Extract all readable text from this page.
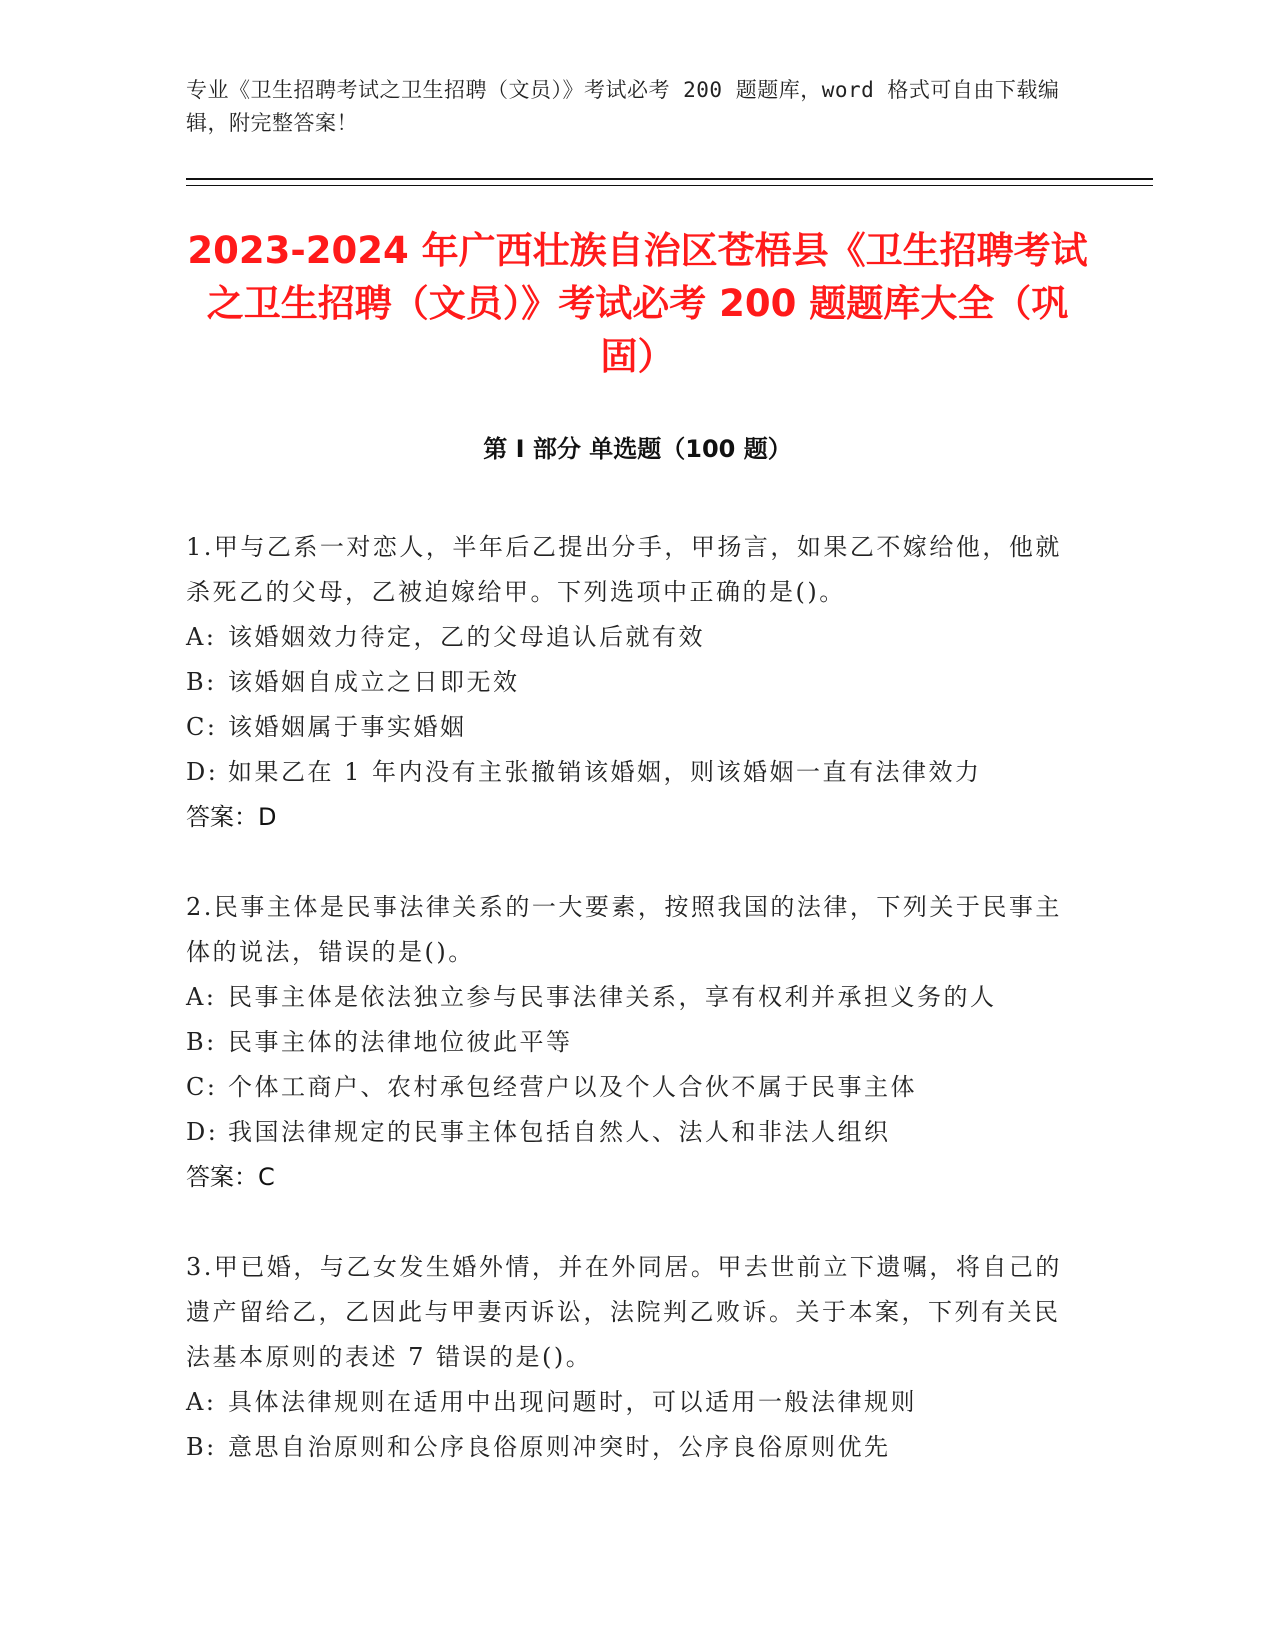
专业《卫生招聘考试之卫生招聘（文员）》考试必考 200 题题库，word 格式可自由下载编辑，附完整答案！
2023-2024 年广西壮族自治区苍梧县《卫生招聘考试之卫生招聘（文员）》考试必考 200 题题库大全（巩固）
第 I 部分 单选题（100 题）
1.甲与乙系一对恋人，半年后乙提出分手，甲扬言，如果乙不嫁给他，他就杀死乙的父母，乙被迫嫁给甲。下列选项中正确的是()。
A: 该婚姻效力待定，乙的父母追认后就有效
B: 该婚姻自成立之日即无效
C: 该婚姻属于事实婚姻
D: 如果乙在 1 年内没有主张撤销该婚姻，则该婚姻一直有法律效力
答案：D
2.民事主体是民事法律关系的一大要素，按照我国的法律，下列关于民事主体的说法，错误的是()。
A: 民事主体是依法独立参与民事法律关系，享有权利并承担义务的人
B: 民事主体的法律地位彼此平等
C: 个体工商户、农村承包经营户以及个人合伙不属于民事主体
D: 我国法律规定的民事主体包括自然人、法人和非法人组织
答案：C
3.甲已婚，与乙女发生婚外情，并在外同居。甲去世前立下遗嘱，将自己的遗产留给乙，乙因此与甲妻丙诉讼，法院判乙败诉。关于本案，下列有关民法基本原则的表述 7 错误的是()。
A: 具体法律规则在适用中出现问题时，可以适用一般法律规则
B: 意思自治原则和公序良俗原则冲突时，公序良俗原则优先
